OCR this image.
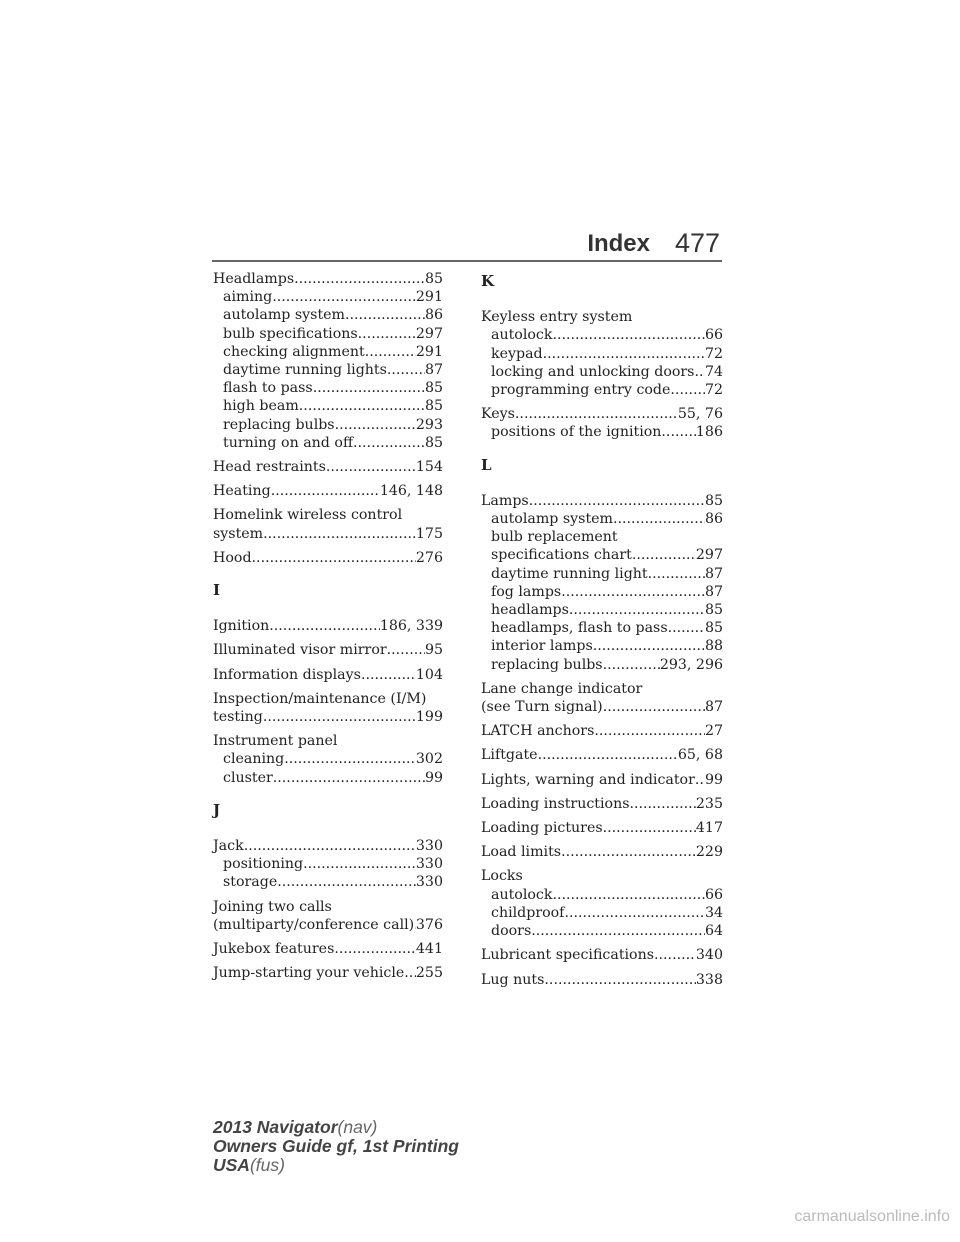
Index 477
Headlamps .....	85
aiming .....	291
autolamp system .....	86
bulb specifications .....	297
checking alignment .....	291
daytime running lights .....	87
flash to pass .....	85
high beam .....	85
replacing bulbs .....	293
turning on and off .....	85
Head restraints .....	154
Heating .....	146, 148
Homelink wireless control
system .....	175
Hood .....	276
I
Ignition .....	186, 339
Illuminated visor mirror .....	95
Information displays .....	104
Inspection/maintenance (I/M)
testing .....	199
Instrument panel
cleaning .....	302
cluster .....	99
J
Jack .....	330
positioning .....	330
storage .....	330
Joining two calls
(multiparty/conference call) ..... 376
Jukebox features .....	441
Jump-starting your vehicle ..... 255
K
Keyless entry system
autolock .....	66
keypad .....	72
locking and unlocking doors ..... 74
programming entry code ..... 72
Keys .....	55, 76
positions of the ignition ..... 186
L
Lamps .....	85
autolamp system .....	86
bulb replacement
specifications chart .....	297
daytime running light .....	87
fog lamps .....	87
headlamps .....	85
headlamps, flash to pass .....	85
interior lamps .....	88
replacing bulbs .....	293, 296
Lane change indicator
(see Turn signal) .....	87
LATCH anchors .....	27
Liftgate .....	65, 68
Lights, warning and indicator ..... 99
Loading instructions .....	235
Loading pictures .....	417
Load limits .....	229
Locks
autolock .....	66
childproof .....	34
doors .....	64
Lubricant specifications .....	340
Lug nuts .....	338
2013 Navigator(nav)
Owners Guide gf, 1st Printing
USA(fus)
carmanualsonline.info
